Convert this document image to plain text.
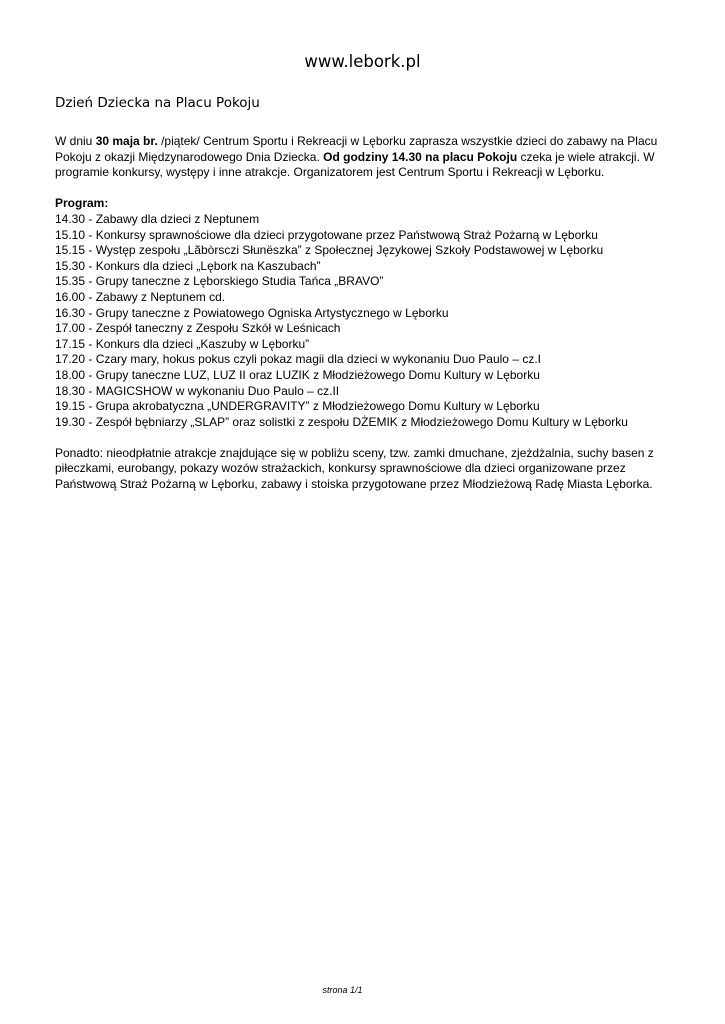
www.lebork.pl
Dzień Dziecka na Placu Pokoju

W dniu 30 maja br. /piątek/ Centrum Sportu i Rekreacji w Lęborku zaprasza wszystkie dzieci do zabawy na Placu Pokoju z okazji Międzynarodowego Dnia Dziecka. Od godziny 14.30 na placu Pokoju czeka je wiele atrakcji. W programie konkursy, występy i inne atrakcje. Organizatorem jest Centrum Sportu i Rekreacji w Lęborku.

Program:

14.30 - Zabawy dla dzieci z Neptunem
15.10 - Konkursy sprawnościowe dla dzieci przygotowane przez Państwową Straż Pożarną w Lęborku
15.15 - Występ zespołu „Lãbòrsczi Słunëszka” z Społecznej Językowej Szkoły Podstawowej w Lęborku
15.30 - Konkurs dla dzieci „Lębork na Kaszubach”
15.35 - Grupy taneczne z Lęborskiego Studia Tańca „BRAVO”
16.00 - Zabawy z Neptunem cd.
16.30 - Grupy taneczne z Powiatowego Ogniska Artystycznego w Lęborku
17.00 - Zespół taneczny z Zespołu Szkół w Leśnicach
17.15 - Konkurs dla dzieci „Kaszuby w Lęborku”
17.20 - Czary mary, hokus pokus czyli pokaz magii dla dzieci w wykonaniu Duo Paulo – cz.I
18.00 - Grupy taneczne LUZ, LUZ II oraz LUZIK z Młodzieżowego Domu Kultury w Lęborku
18.30 - MAGICSHOW w wykonaniu Duo Paulo – cz.II
19.15 - Grupa akrobatyczna „UNDERGRAVITY” z Młodzieżowego Domu Kultury w Lęborku
19.30 - Zespół bębniarzy „SLAP” oraz solistki z zespołu DŻEMIK z Młodzieżowego Domu Kultury w Lęborku

Ponadto: nieodpłatnie atrakcje znajdujące się w pobliżu sceny, tzw. zamki dmuchane, zjeżdżalnia, suchy basen z piłeczkami, eurobangy, pokazy wozów strażackich, konkursy sprawnościowe dla dzieci organizowane przez Państwową Straż Pożarną w Lęborku, zabawy i stoiska przygotowane przez Młodzieżową Radę Miasta Lęborka.

strona 1/1
